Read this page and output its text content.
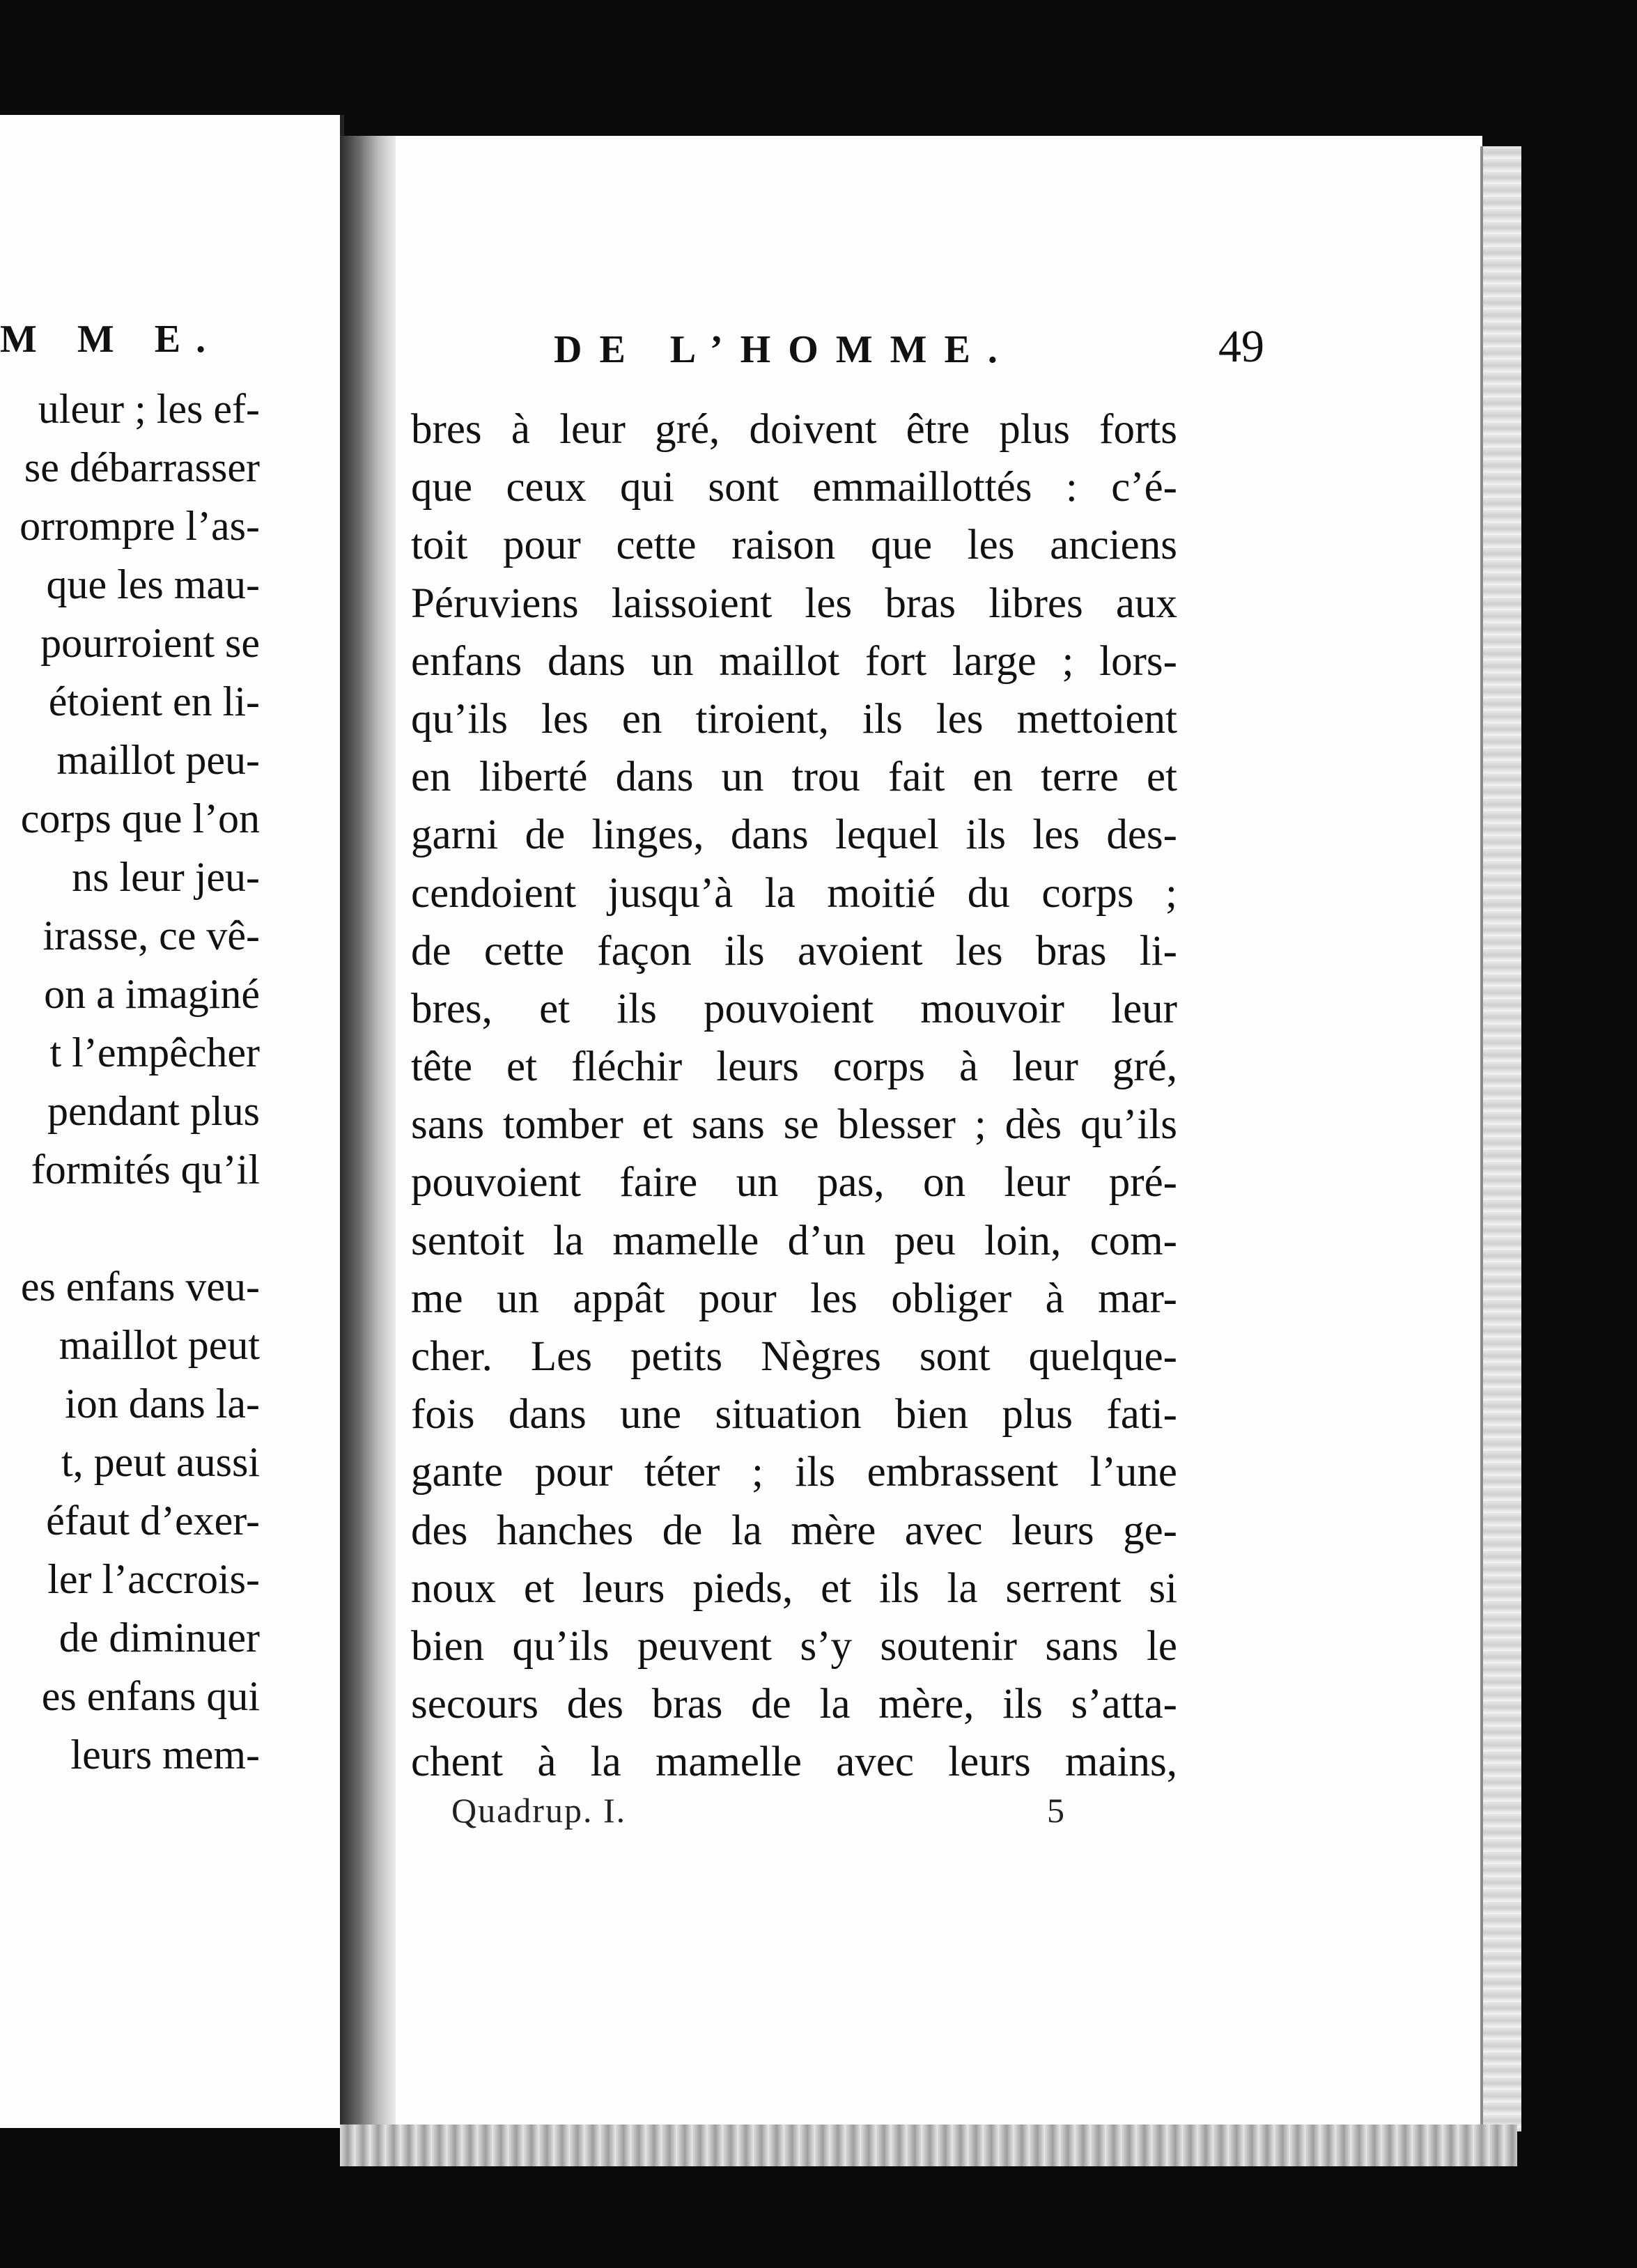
M M E.
uleur ; les ef-
se débarrasser
orrompre l’as-
que les mau-
pourroient se
étoient en li-
maillot peu-
corps que l’on
ns leur jeu-
irasse, ce vê-
on a imaginé
t l’empêcher
pendant plus
formités qu’il
es enfans veu-
maillot peut
ion dans la-
t, peut aussi
éfaut d’exer-
ler l’accrois-
de diminuer
es enfans qui
leurs mem-
DE L’HOMME.	49
bres à leur gré, doivent être plus forts
que ceux qui sont emmaillottés : c’é-
toit pour cette raison que les anciens
Péruviens laissoient les bras libres aux
enfans dans un maillot fort large ; lors-
qu’ils les en tiroient, ils les mettoient
en liberté dans un trou fait en terre et
garni de linges, dans lequel ils les des-
cendoient jusqu’à la moitié du corps ;
de cette façon ils avoient les bras li-
bres, et ils pouvoient mouvoir leur
tête et fléchir leurs corps à leur gré,
sans tomber et sans se blesser ; dès qu’ils
pouvoient faire un pas, on leur pré-
sentoit la mamelle d’un peu loin, com-
me un appât pour les obliger à mar-
cher. Les petits Nègres sont quelque-
fois dans une situation bien plus fati-
gante pour téter ; ils embrassent l’une
des hanches de la mère avec leurs ge-
noux et leurs pieds, et ils la serrent si
bien qu’ils peuvent s’y soutenir sans le
secours des bras de la mère, ils s’atta-
chent à la mamelle avec leurs mains,
Quadrup. I.	5
